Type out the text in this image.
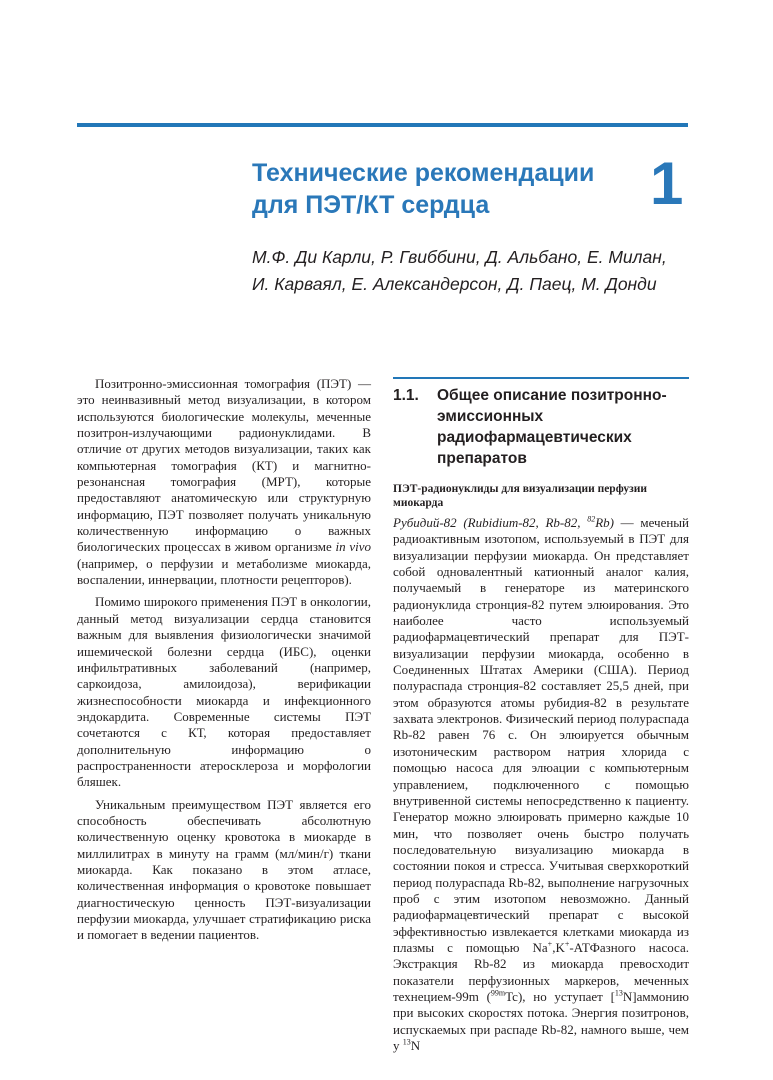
Технические рекомендации
для ПЭТ/КТ сердца	1
М.Ф. Ди Карли, Р. Гвиббини, Д. Альбано, Е. Милан,
И. Карваял, Е. Александерсон, Д. Паец, М. Донди

Позитронно-эмиссионная томография (ПЭТ) — это неинвазивный метод визуализации, в котором используются биологические молекулы, меченные позитрон-излучающими радионуклидами. В отличие от других методов визуализации, таких как компьютерная томография (КТ) и магнитно-резонансная томография (МРТ), которые предоставляют анатомическую или структурную информацию, ПЭТ позволяет получать уникальную количественную информацию о важных биологических процессах в живом организме in vivo (например, о перфузии и метаболизме миокарда, воспалении, иннервации, плотности рецепторов).

Помимо широкого применения ПЭТ в онкологии, данный метод визуализации сердца становится важным для выявления физиологически значимой ишемической болезни сердца (ИБС), оценки инфильтративных заболеваний (например, саркоидоза, амилоидоза), верификации жизнеспособности миокарда и инфекционного эндокардита. Современные системы ПЭТ сочетаются с КТ, которая предоставляет дополнительную информацию о распространенности атеросклероза и морфологии бляшек.

Уникальным преимуществом ПЭТ является его способность обеспечивать абсолютную количественную оценку кровотока в миокарде в миллилитрах в минуту на грамм (мл/мин/г) ткани миокарда. Как показано в этом атласе, количественная информация о кровотоке повышает диагностическую ценность ПЭТ-визуализации перфузии миокарда, улучшает стратификацию риска и помогает в ведении пациентов.

1.1. Общее описание позитронно-эмиссионных радиофармацевтических препаратов
ПЭТ-радионуклиды для визуализации перфузии миокарда

Рубидий-82 (Rubidium-82, Rb-82, $^{82}$Rb) — меченый радиоактивным изотопом, используемый в ПЭТ для визуализации перфузии миокарда. Он представляет собой одновалентный катионный аналог калия, получаемый в генераторе из материнского радионуклида стронция-82 путем элюирования. Это наиболее часто используемый радиофармацевтический препарат для ПЭТ-визуализации перфузии миокарда, особенно в Соединенных Штатах Америки (США). Период полураспада стронция-82 составляет 25,5 дней, при этом образуются атомы рубидия-82 в результате захвата электронов. Физический период полураспада Rb-82 равен 76 с. Он элюируется обычным изотоническим раствором натрия хлорида с помощью насоса для элюации с компьютерным управлением, подключенного с помощью внутривенной системы непосредственно к пациенту. Генератор можно элюировать примерно каждые 10 мин, что позволяет очень быстро получать последовательную визуализацию миокарда в состоянии покоя и стресса. Учитывая сверхкороткий период полураспада Rb-82, выполнение нагрузочных проб с этим изотопом невозможно. Данный радиофармацевтический препарат с высокой эффективностью извлекается клетками миокарда из плазмы с помощью Na+,K+-АТФазного насоса. Экстракция Rb-82 из миокарда превосходит показатели перфузионных маркеров, меченных технецием-99m ($^{99m}$Tc), но уступает [$^{13}$N]аммонию при высоких скоростях потока. Энергия позитронов, испускаемых при распаде Rb-82, намного выше, чем у $^{13}$N
